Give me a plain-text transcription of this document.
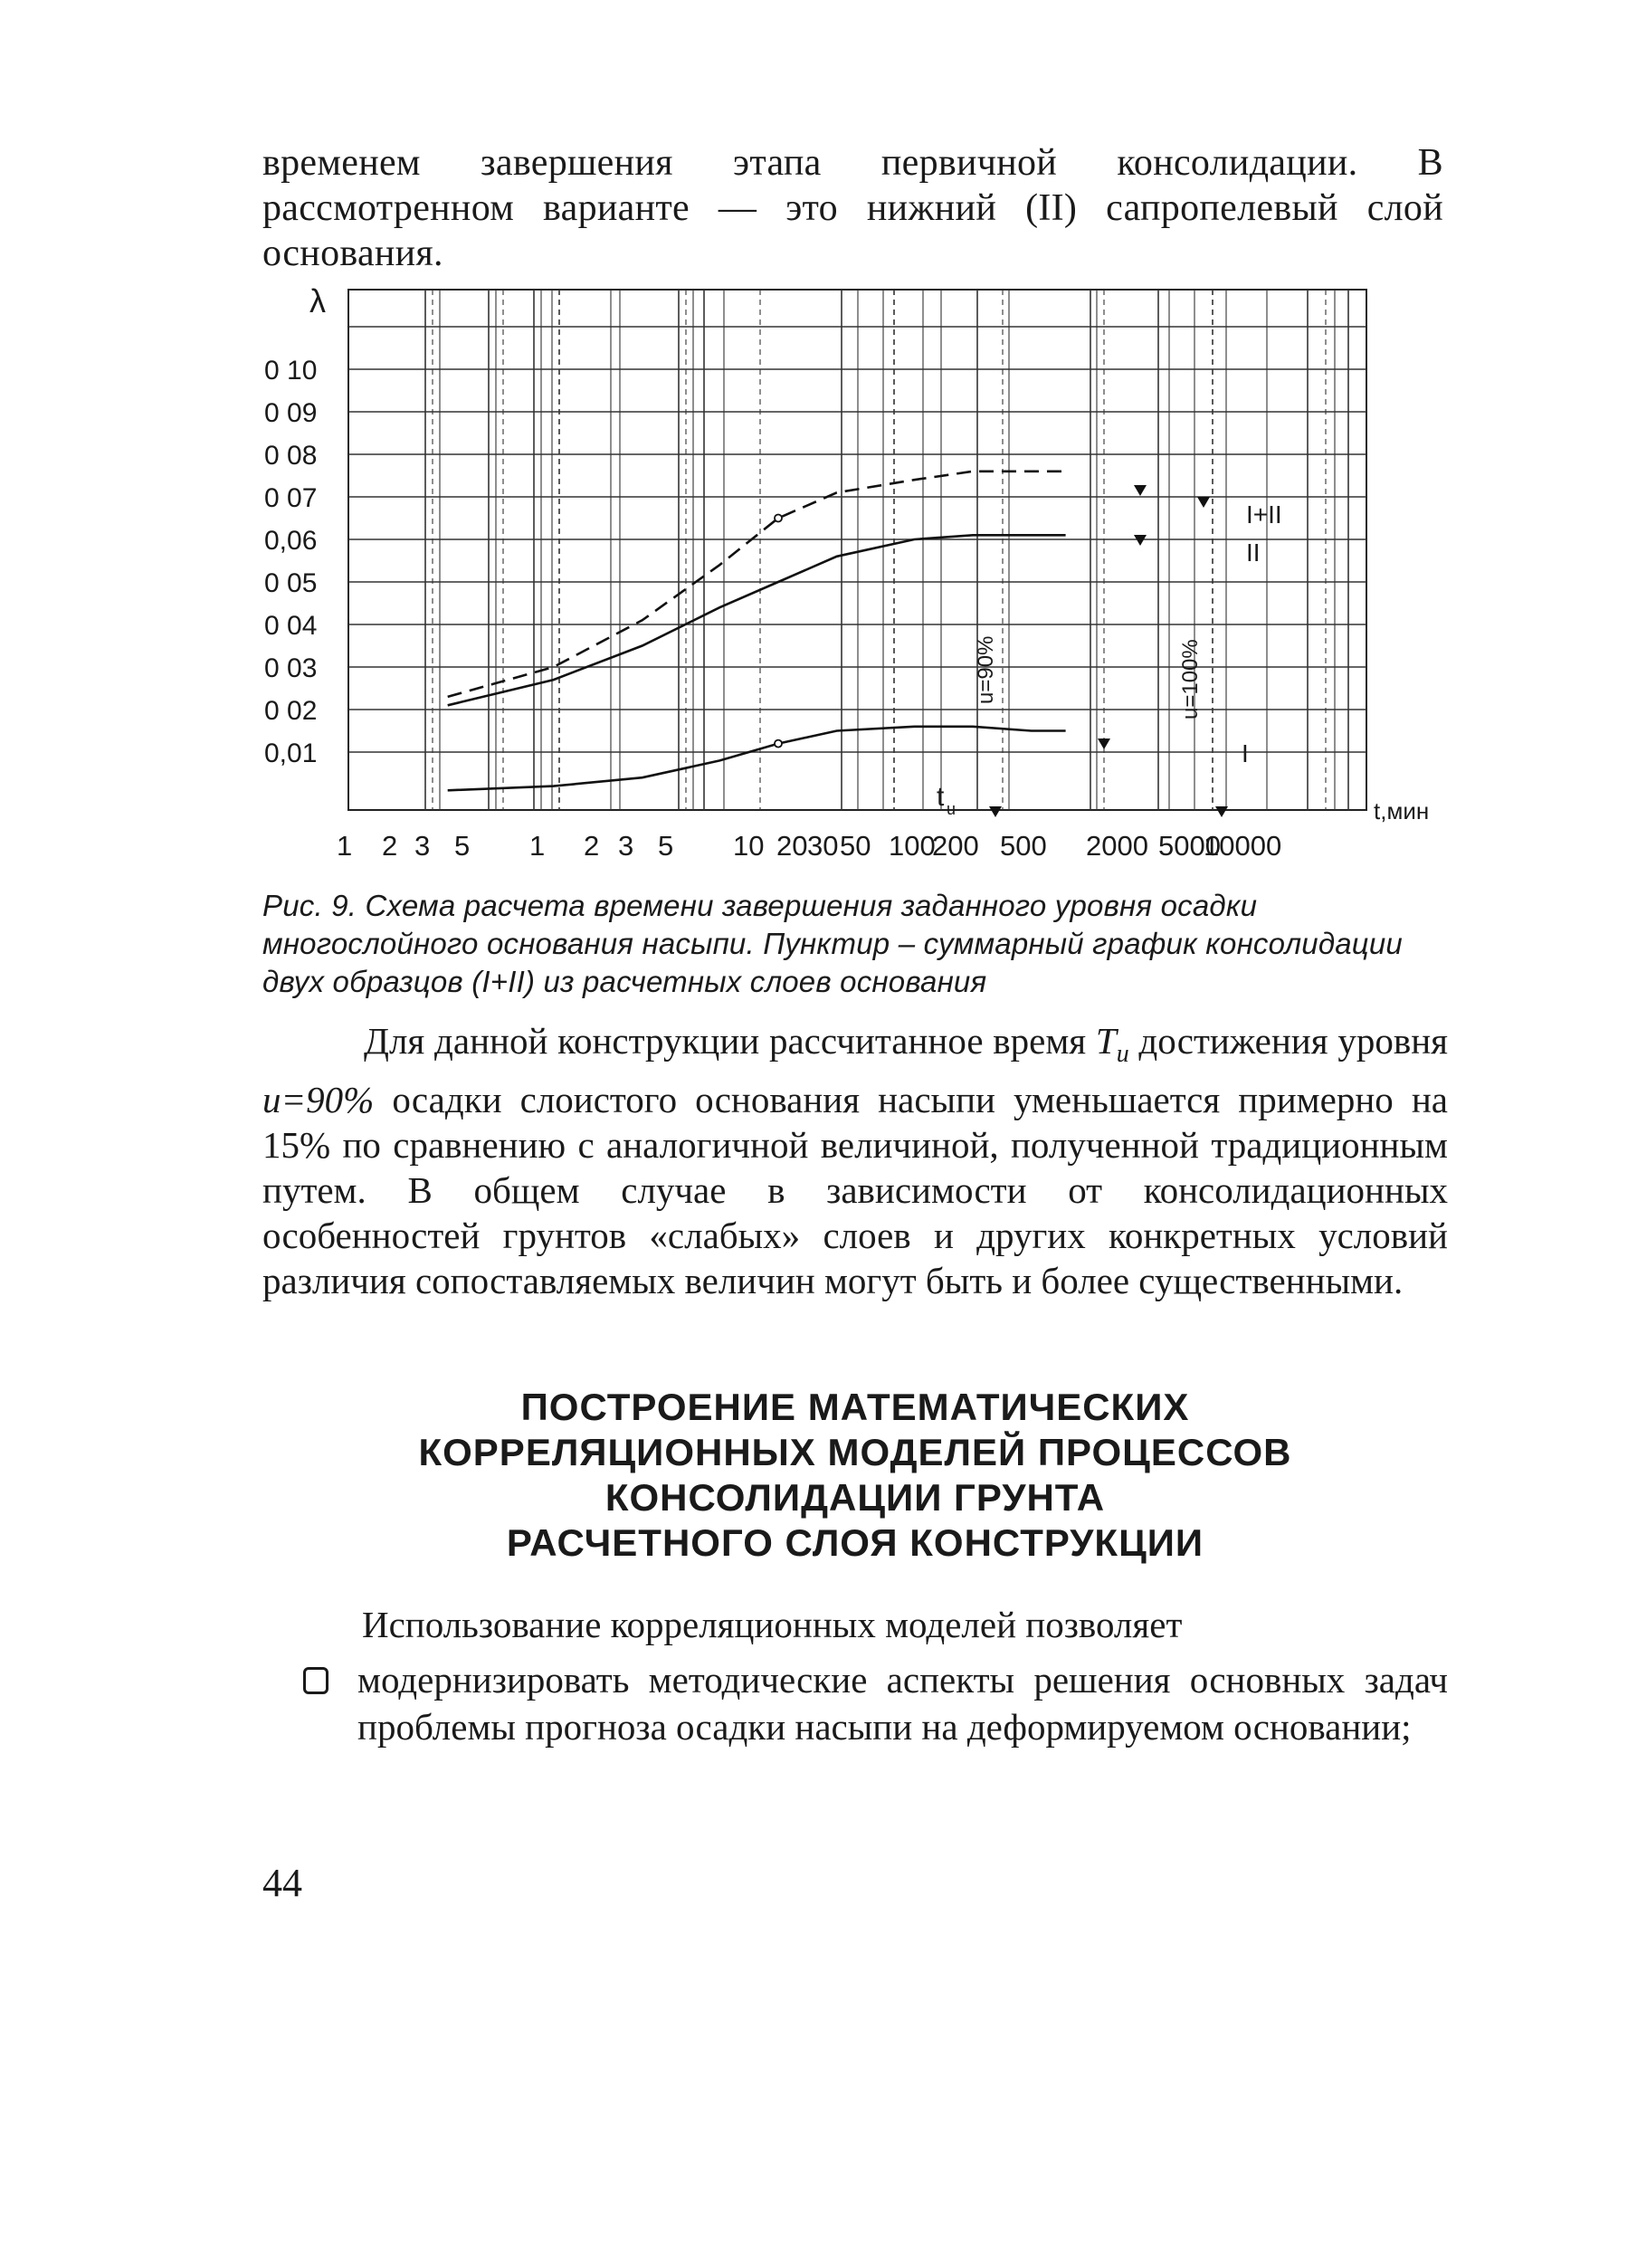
временем завершения этапа первичной консолидации. В рассмотренном варианте — это нижний (II) сапропелевый слой основания.

λ
0 10
0 09
0 08
0 07
0,06
0 05
0 04
0 03
0 02
0,01
1 2 3 5 1 2 3 5 10 20 30 50 100
200 500 2000 5000
10000
t,мин
u=90%	u=100%
t u
I+II
II
I

Рис. 9. Схема расчета времени завершения заданного уровня осадки многослойного основания насыпи. Пунктир – суммарный график консолидации двух образцов (I+II) из расчетных слоев основания

Для данной конструкции рассчитанное время $T_u$ достижения уровня u=90% осадки слоистого основания насыпи уменьшается примерно на 15% по сравнению с аналогичной величиной, полученной традиционным путем. В общем случае в зависимости от консолидационных особенностей грунтов «слабых» слоев и других конкретных условий различия сопоставляемых величин могут быть и более существенными.

ПОСТРОЕНИЕ МАТЕМАТИЧЕСКИХ
КОРРЕЛЯЦИОННЫХ МОДЕЛЕЙ ПРОЦЕССОВ
КОНСОЛИДАЦИИ ГРУНТА
РАСЧЕТНОГО СЛОЯ КОНСТРУКЦИИ

Использование корреляционных моделей позволяет

модернизировать методические аспекты решения основных задач проблемы прогноза осадки насыпи на деформируемом основании;

44
